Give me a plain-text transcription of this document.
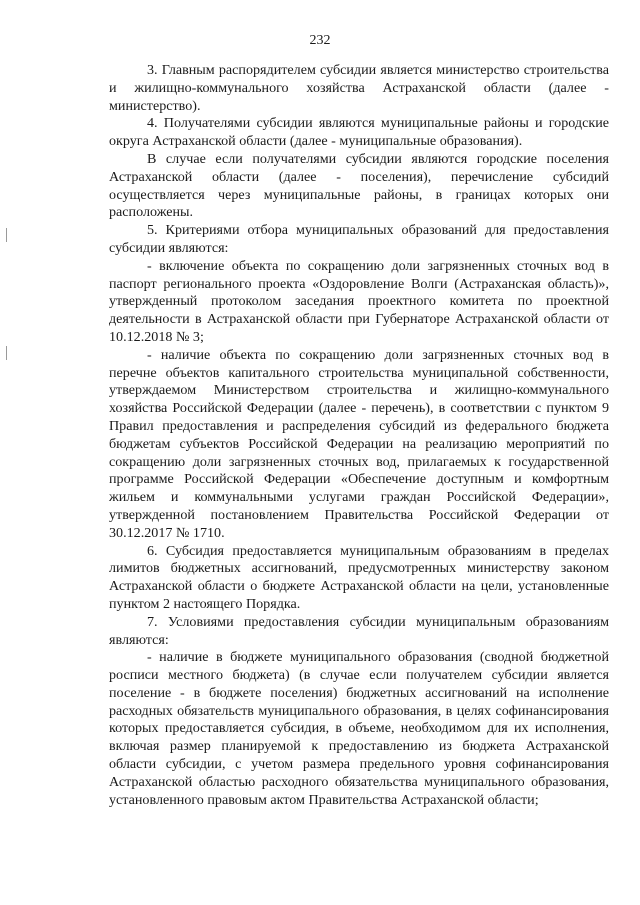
232

3. Главным распорядителем субсидии является министерство строительства и жилищно-коммунального хозяйства Астраханской области (далее - министерство).

4. Получателями субсидии являются муниципальные районы и городские округа Астраханской области (далее - муниципальные образования).

В случае если получателями субсидии являются городские поселения Астраханской области (далее - поселения), перечисление субсидий осуществляется через муниципальные районы, в границах которых они расположены.

5. Критериями отбора муниципальных образований для предоставления субсидии являются:

- включение объекта по сокращению доли загрязненных сточных вод в паспорт регионального проекта «Оздоровление Волги (Астраханская область)», утвержденный протоколом заседания проектного комитета по проектной деятельности в Астраханской области при Губернаторе Астраханской области от 10.12.2018 № 3;

- наличие объекта по сокращению доли загрязненных сточных вод в перечне объектов капитального строительства муниципальной собственности, утверждаемом Министерством строительства и жилищно-коммунального хозяйства Российской Федерации (далее - перечень), в соответствии с пунктом 9 Правил предоставления и распределения субсидий из федерального бюджета бюджетам субъектов Российской Федерации на реализацию мероприятий по сокращению доли загрязненных сточных вод, прилагаемых к государственной программе Российской Федерации «Обеспечение доступным и комфортным жильем и коммунальными услугами граждан Российской Федерации», утвержденной постановлением Правительства Российской Федерации от 30.12.2017 № 1710.

6. Субсидия предоставляется муниципальным образованиям в пределах лимитов бюджетных ассигнований, предусмотренных министерству законом Астраханской области о бюджете Астраханской области на цели, установленные пунктом 2 настоящего Порядка.

7. Условиями предоставления субсидии муниципальным образованиям являются:

- наличие в бюджете муниципального образования (сводной бюджетной росписи местного бюджета) (в случае если получателем субсидии является поселение - в бюджете поселения) бюджетных ассигнований на исполнение расходных обязательств муниципального образования, в целях софинансирования которых предоставляется субсидия, в объеме, необходимом для их исполнения, включая размер планируемой к предоставлению из бюджета Астраханской области субсидии, с учетом размера предельного уровня софинансирования Астраханской областью расходного обязательства муниципального образования, установленного правовым актом Правительства Астраханской области;
